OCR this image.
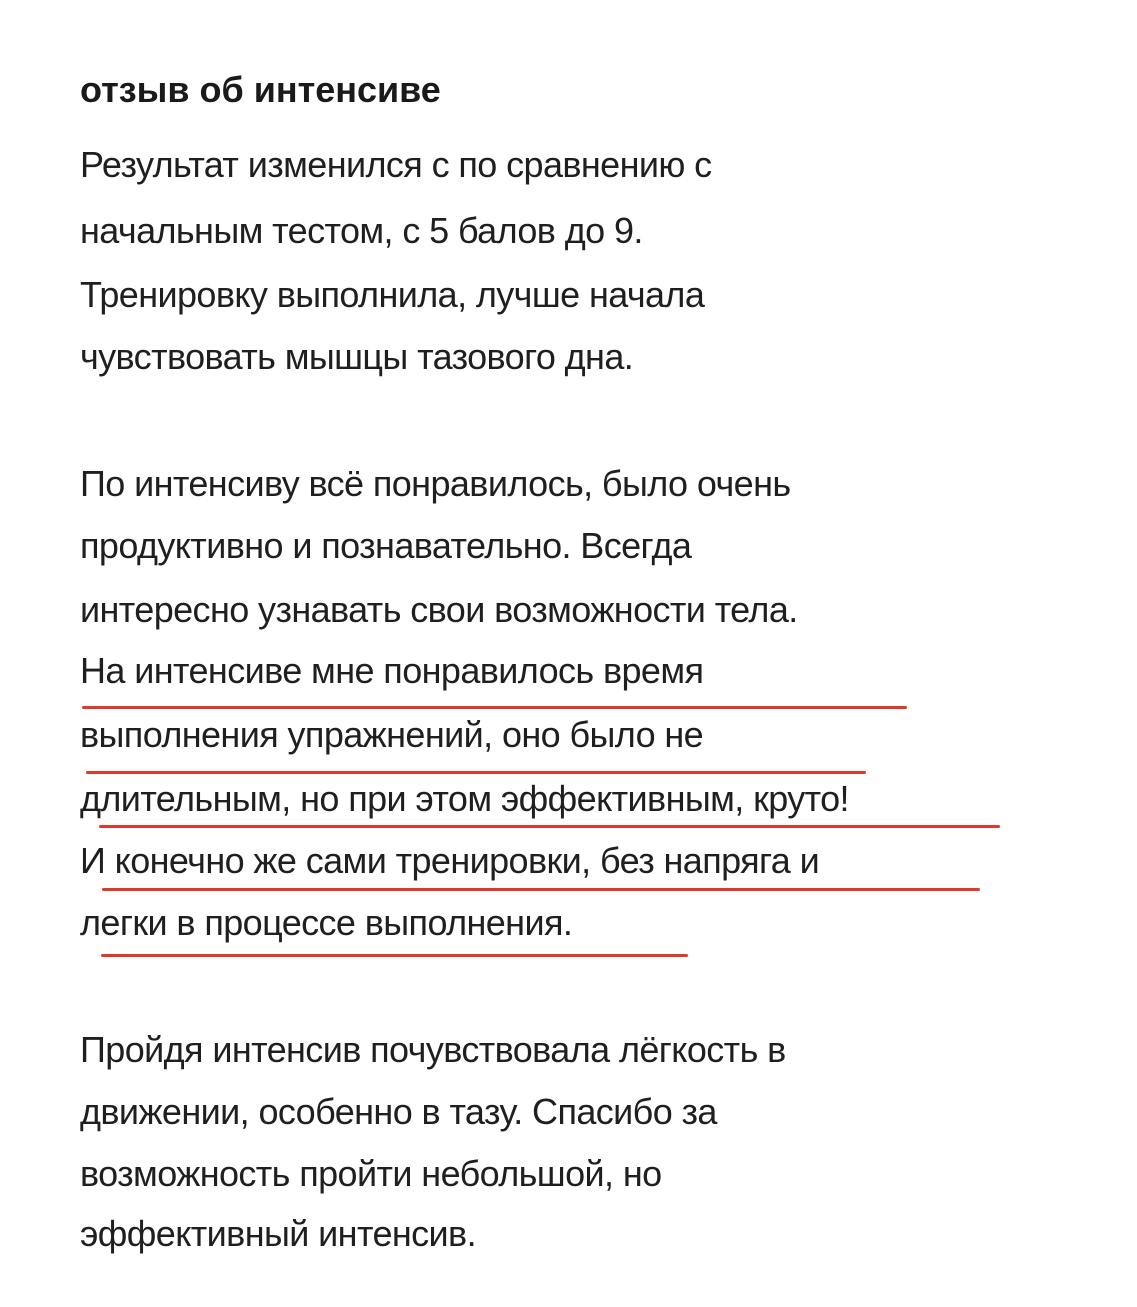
отзыв об интенсиве
Результат изменился с по сравнению с
начальным тестом, с 5 балов до 9.
Тренировку выполнила, лучше начала
чувствовать мышцы тазового дна.
По интенсиву всё понравилось, было очень
продуктивно и познавательно. Всегда
интересно узнавать свои возможности тела.
На интенсиве мне понравилось время
выполнения упражнений, оно было не
длительным, но при этом эффективным, круто!
И конечно же сами тренировки, без напряга и
легки в процессе выполнения.
Пройдя интенсив почувствовала лёгкость в
движении, особенно в тазу. Спасибо за
возможность пройти небольшой, но
эффективный интенсив.
